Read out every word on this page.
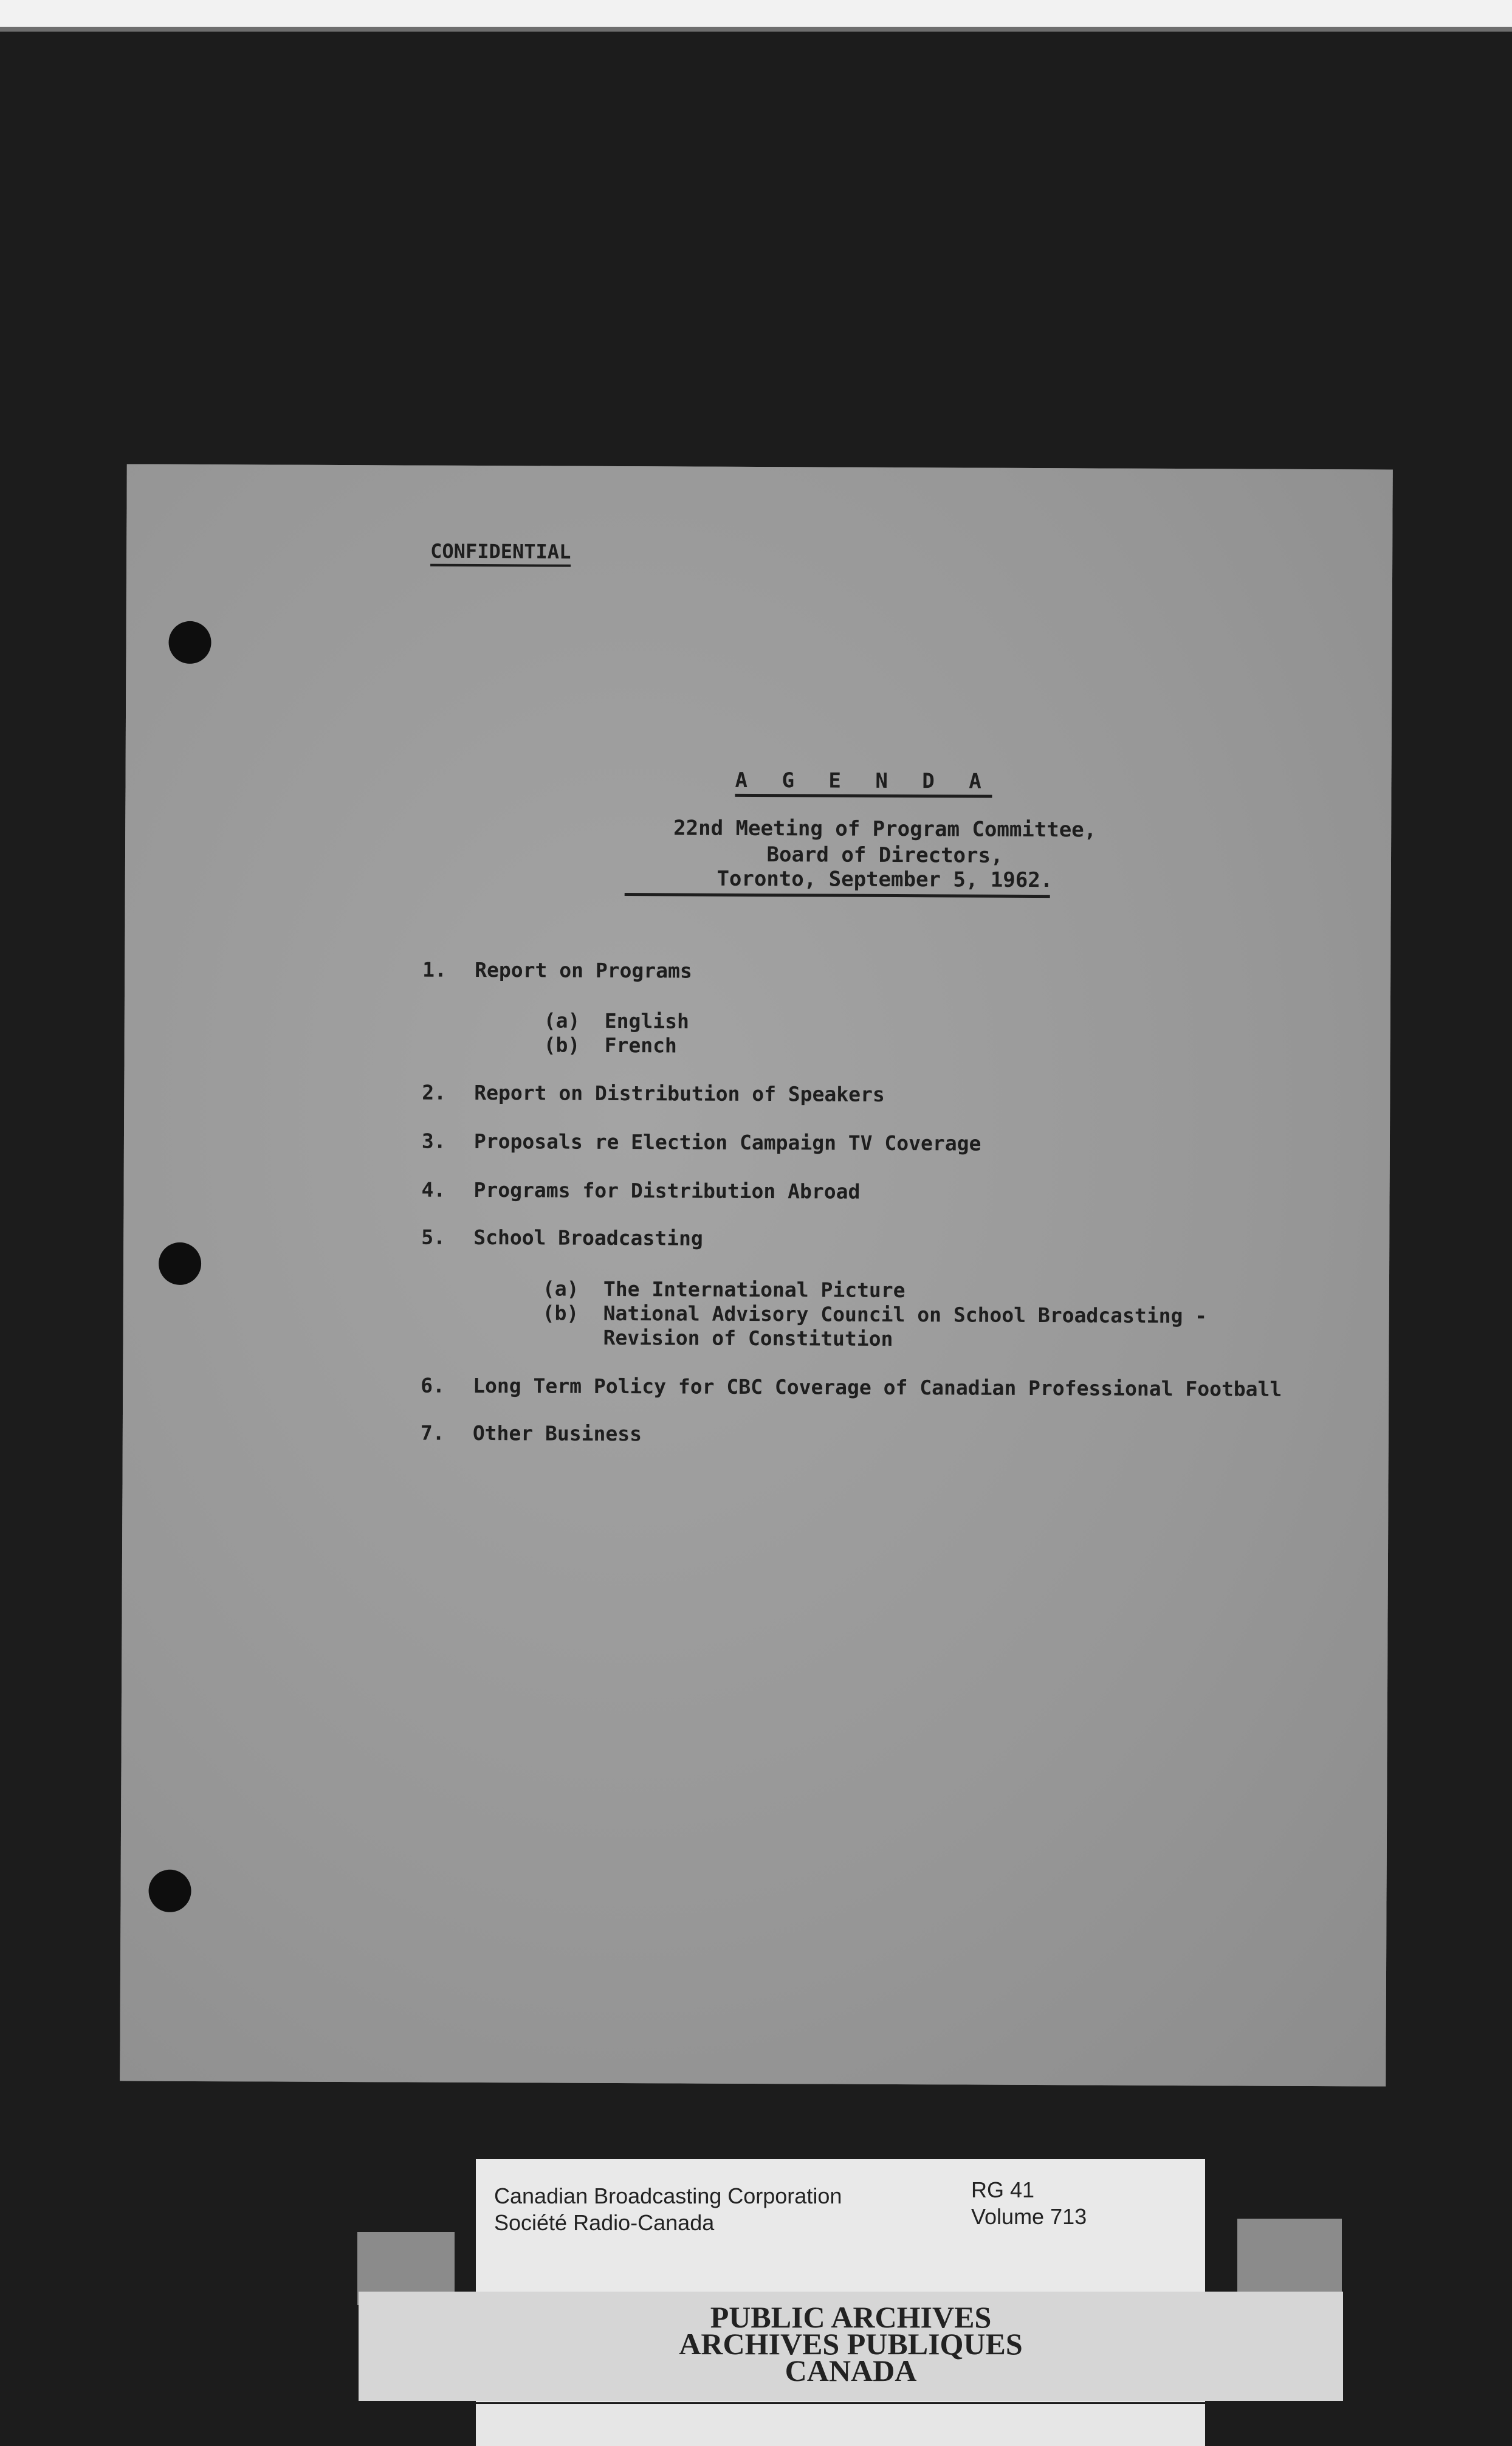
CONFIDENTIAL
A G E N D A
22nd Meeting of Program Committee,
Board of Directors,
Toronto, September 5, 1962.
1. Report on Programs
(a) English
(b) French
2. Report on Distribution of Speakers
3. Proposals re Election Campaign TV Coverage
4. Programs for Distribution Abroad
5. School Broadcasting
(a) The International Picture
(b) National Advisory Council on School Broadcasting -
Revision of Constitution
6. Long Term Policy for CBC Coverage of Canadian Professional Football
7. Other Business
Canadian Broadcasting Corporation
Société Radio-Canada
RG 41
Volume 713
PUBLIC ARCHIVES
ARCHIVES PUBLIQUES
CANADA
